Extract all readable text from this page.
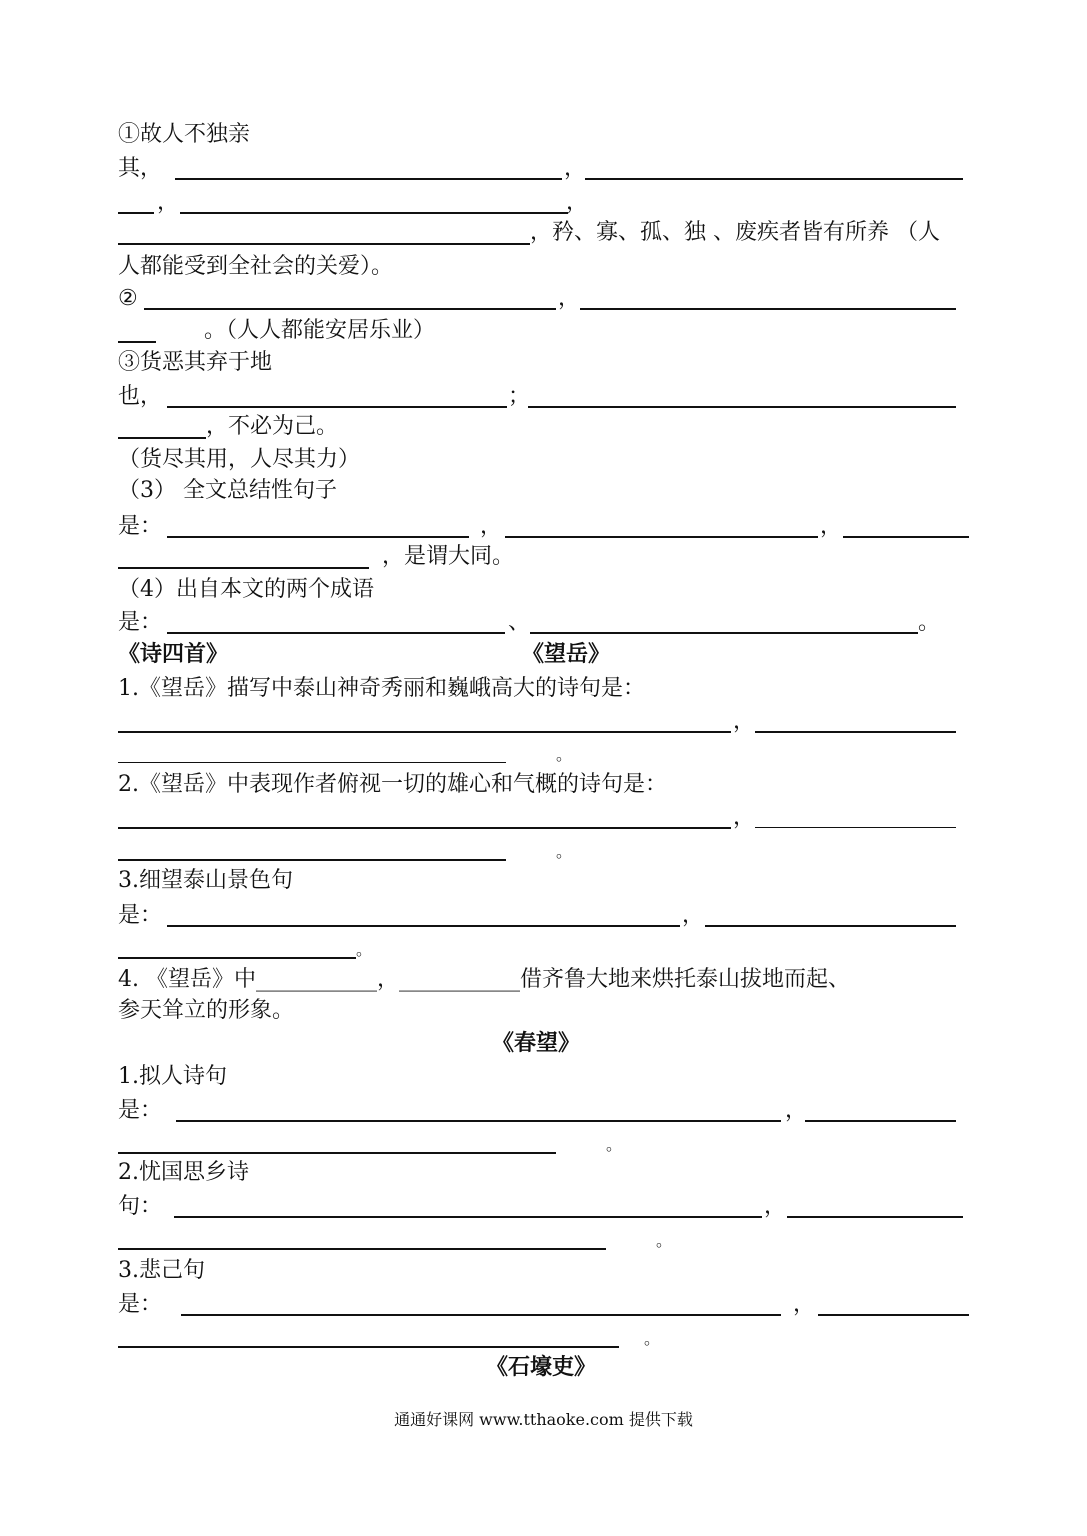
①故人不独亲
其，	，
，	，
，矜、寡、孤、独 、废疾者皆有所养 （人
人都能受到全社会的关爱）。
②	，
。（人人都能安居乐业）
③货恶其弃于地
也，	；
，不必为己。
（货尽其用，人尽其力）
（3） 全文总结性句子
是：	，	，
，是谓大同。
（4）出自本文的两个成语
是：	、	。
《诗四首》	《望岳》
1.《望岳》描写中泰山神奇秀丽和巍峨高大的诗句是：
，
。
2.《望岳》中表现作者俯视一切的雄心和气概的诗句是：
，
。
3.细望泰山景色句
是：	，
。
4. 《望岳》中___________，___________借齐鲁大地来烘托泰山拔地而起、
参天耸立的形象。
《春望》
1.拟人诗句
是：	，
。
2.忧国思乡诗
句：	，
。
3.悲己句
是：	，
。
《石壕吏》
通通好课网 www.tthaoke.com 提供下载
